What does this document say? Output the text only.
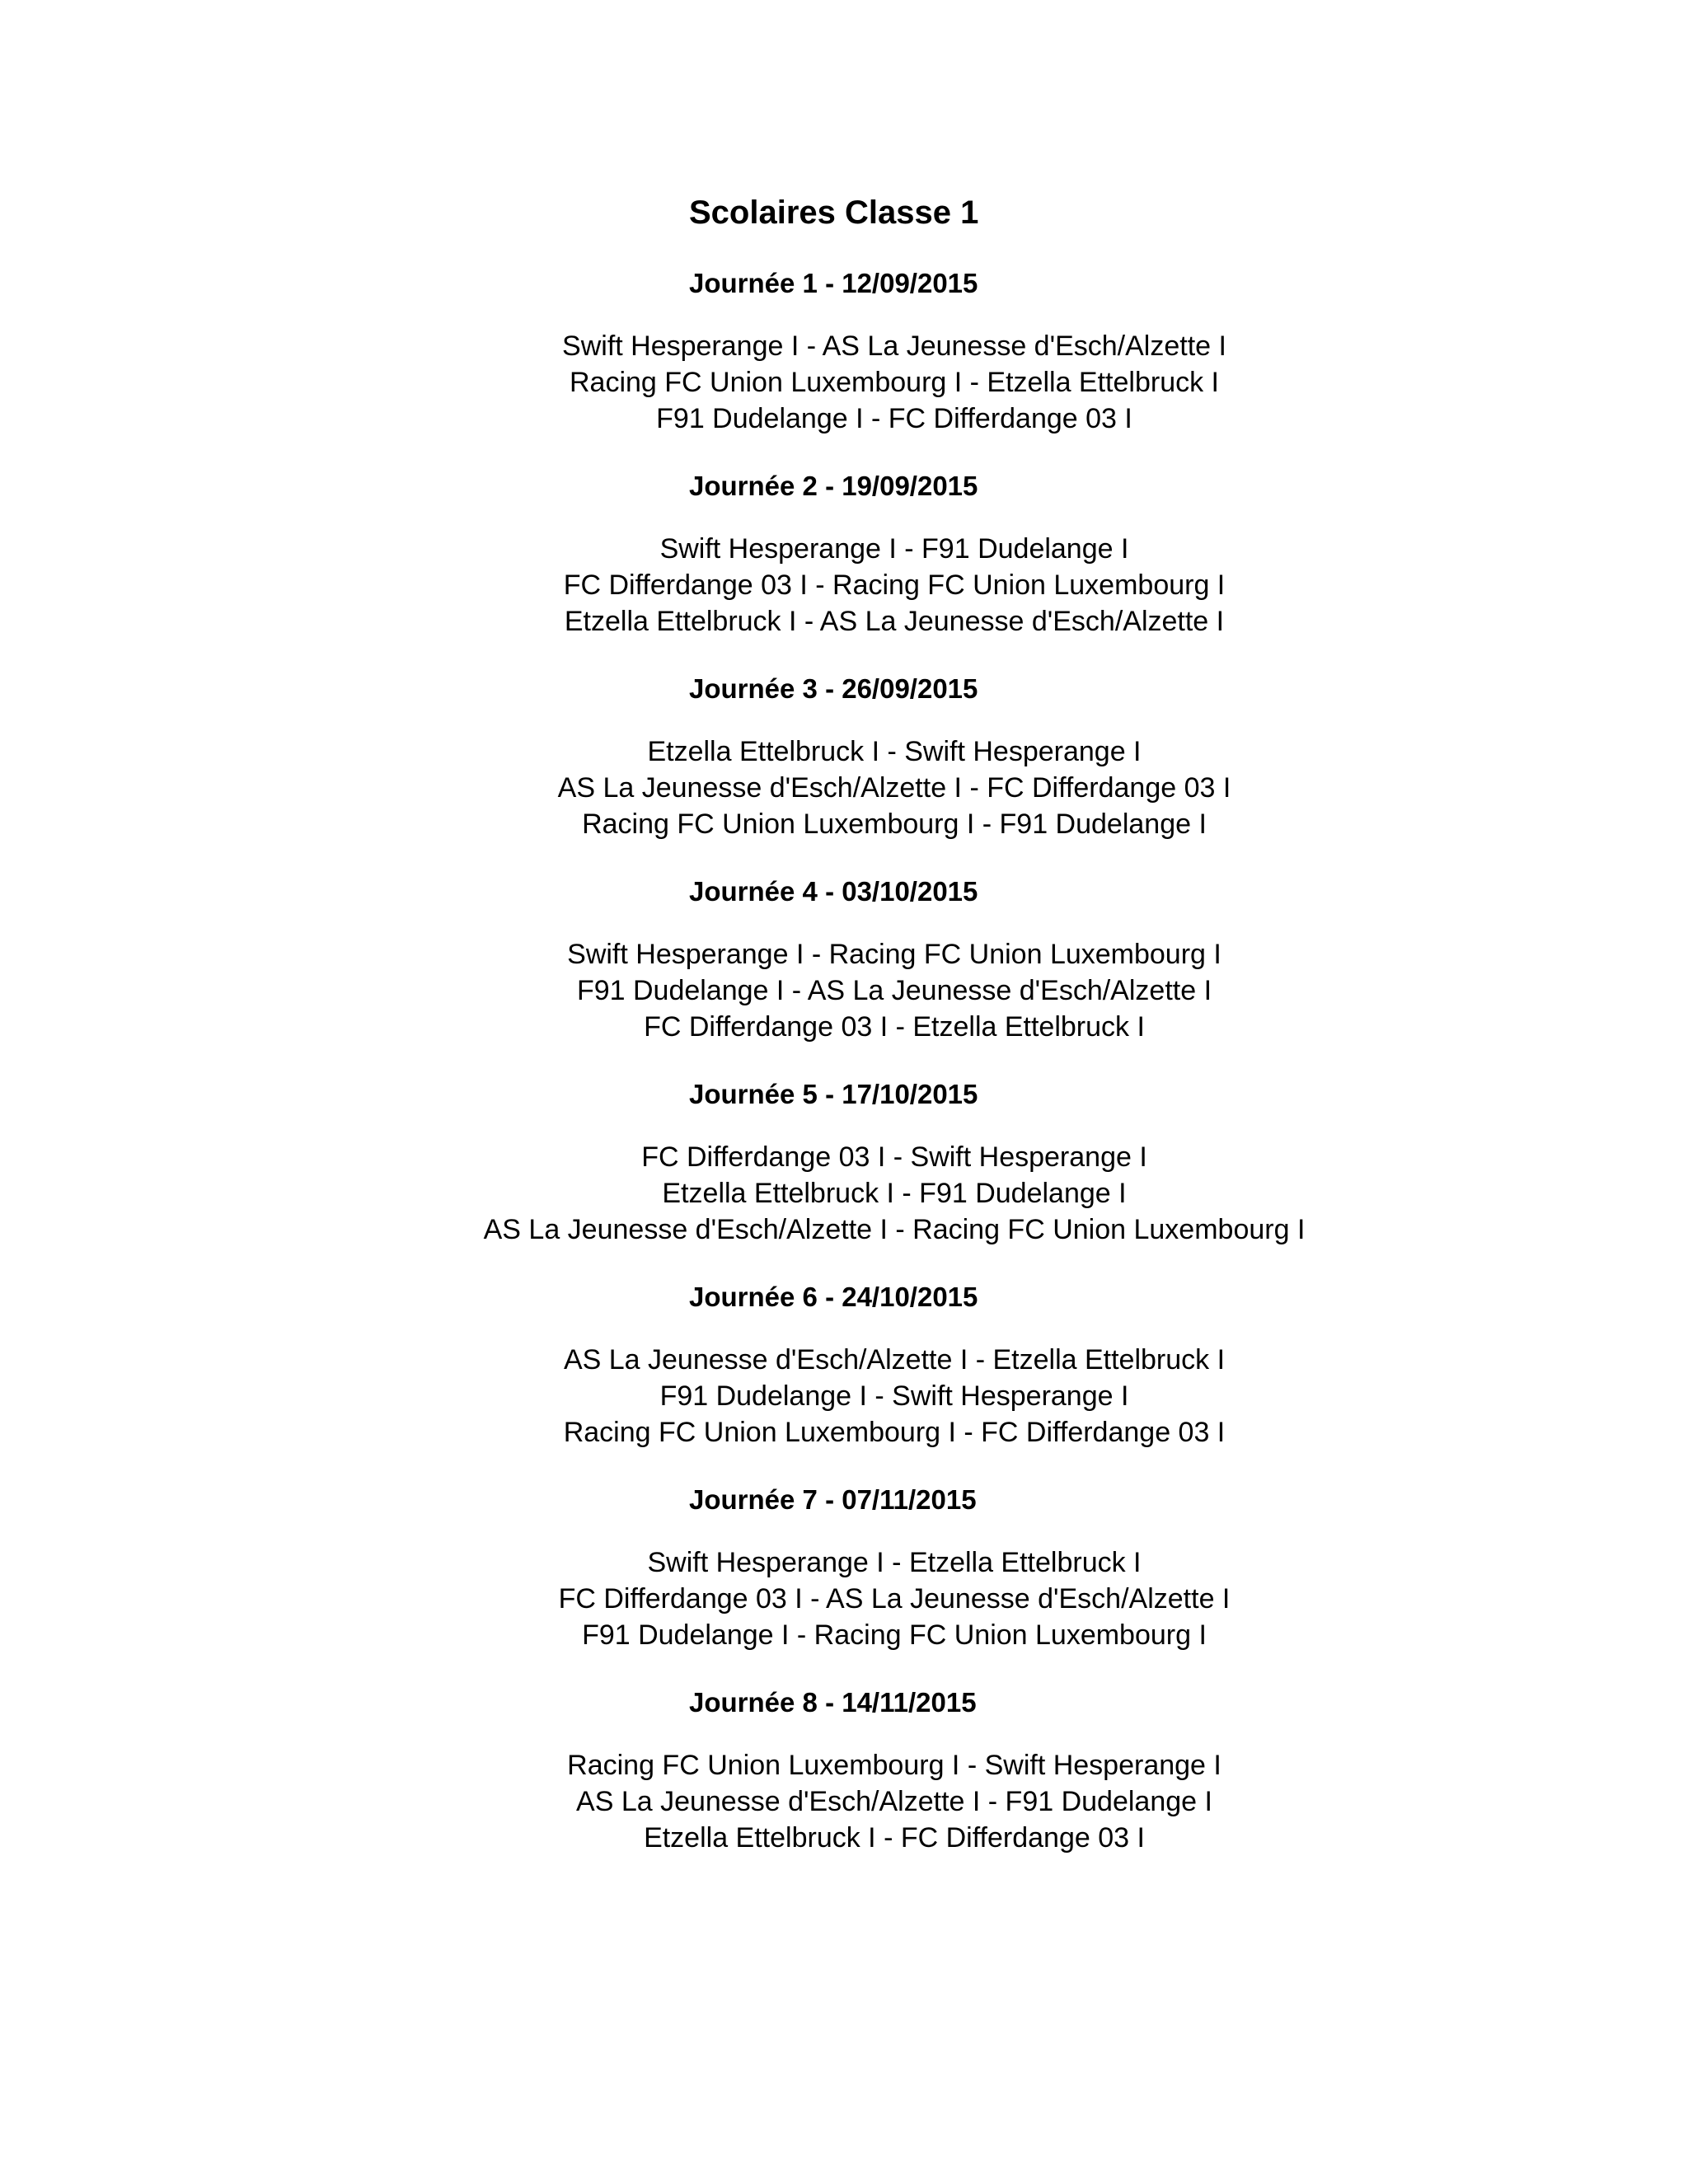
Scolaires Classe 1
Journée 1 - 12/09/2015
Swift Hesperange I - AS La Jeunesse d'Esch/Alzette I
Racing FC Union Luxembourg I - Etzella Ettelbruck I
F91 Dudelange I - FC Differdange 03 I
Journée 2 - 19/09/2015
Swift Hesperange I - F91 Dudelange I
FC Differdange 03 I - Racing FC Union Luxembourg I
Etzella Ettelbruck I - AS La Jeunesse d'Esch/Alzette I
Journée 3 - 26/09/2015
Etzella Ettelbruck I - Swift Hesperange I
AS La Jeunesse d'Esch/Alzette I - FC Differdange 03 I
Racing FC Union Luxembourg I - F91 Dudelange I
Journée 4 - 03/10/2015
Swift Hesperange I - Racing FC Union Luxembourg I
F91 Dudelange I - AS La Jeunesse d'Esch/Alzette I
FC Differdange 03 I - Etzella Ettelbruck I
Journée 5 - 17/10/2015
FC Differdange 03 I - Swift Hesperange I
Etzella Ettelbruck I - F91 Dudelange I
AS La Jeunesse d'Esch/Alzette I - Racing FC Union Luxembourg I
Journée 6 - 24/10/2015
AS La Jeunesse d'Esch/Alzette I - Etzella Ettelbruck I
F91 Dudelange I - Swift Hesperange I
Racing FC Union Luxembourg I - FC Differdange 03 I
Journée 7 - 07/11/2015
Swift Hesperange I - Etzella Ettelbruck I
FC Differdange 03 I - AS La Jeunesse d'Esch/Alzette I
F91 Dudelange I - Racing FC Union Luxembourg I
Journée 8 - 14/11/2015
Racing FC Union Luxembourg I - Swift Hesperange I
AS La Jeunesse d'Esch/Alzette I - F91 Dudelange I
Etzella Ettelbruck I - FC Differdange 03 I
